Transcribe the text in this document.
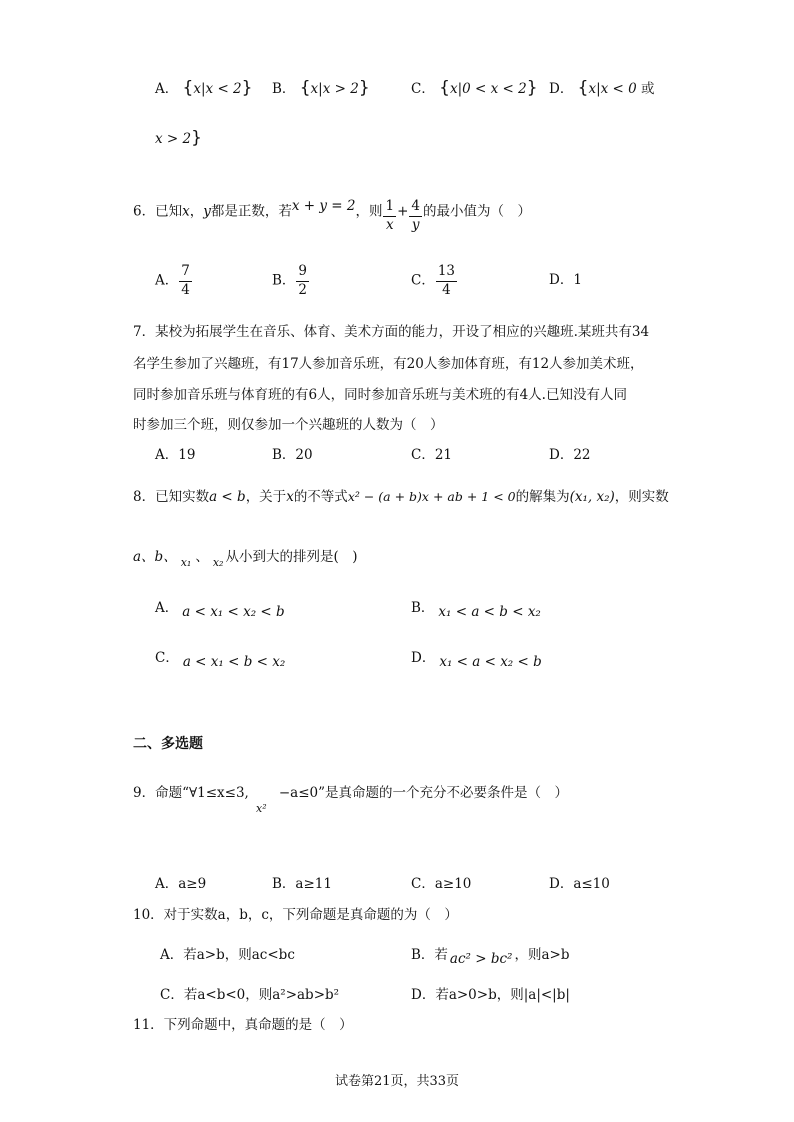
A． {x|x < 2} B． {x|x > 2}	C． {x|0 < x < 2} D． {x|x < 0 或
x > 2}
6．已知x，y都是正数，若x + y = 2，则 $\frac{1}{x} + \frac{4}{y}$ 的最小值为（　）
A． $\frac{7}{4}$	B． $\frac{9}{2}$	C． $\frac{13}{4}$	D．1
7．某校为拓展学生在音乐、体育、美术方面的能力，开设了相应的兴趣班.某班共有34
名学生参加了兴趣班，有17人参加音乐班，有20人参加体育班，有12人参加美术班，
同时参加音乐班与体育班的有6人，同时参加音乐班与美术班的有4人.已知没有人同
时参加三个班，则仅参加一个兴趣班的人数为（　）
A．19	B．20	C．21	D．22
8．已知实数a < b，关于x的不等式x² − (a + b)x + ab + 1 < 0的解集为(x₁, x₂)，则实数
a、b、 $_{x_1}$ 、 $_{x_2}$ 从小到大的排列是(　)
A． a < x₁ < x₂ < b	B． x₁ < a < b < x₂
C． a < x₁ < b < x₂	D． x₁ < a < x₂ < b
二、多选题
9．命题“∀1≤x≤3, −a≤0”是真命题的一个充分不必要条件是（　）
x²
A．a≥9	B．a≥11	C．a≥10	D．a≤10
10．对于实数a，b，c，下列命题是真命题的为（　）
A．若a>b，则ac<bc	B．若 ac² > bc² ，则a>b
C．若a<b<0，则a²>ab>b²	D．若a>0>b，则|a|<|b|
11．下列命题中，真命题的是（　）
试卷第21页，共33页
